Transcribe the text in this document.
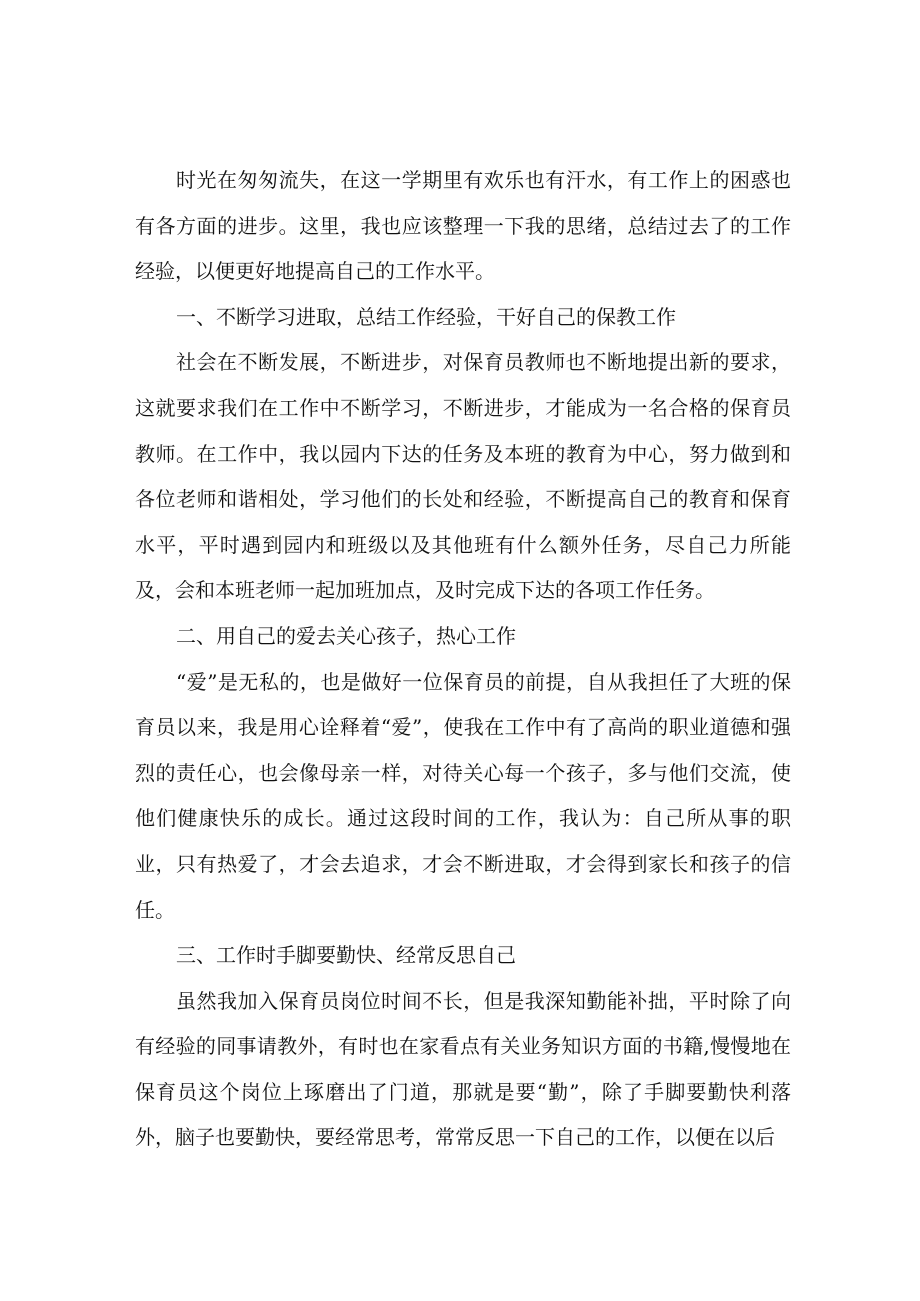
时光在匆匆流失，在这一学期里有欢乐也有汗水，有工作上的困惑也有各方面的进步。这里，我也应该整理一下我的思绪，总结过去了的工作经验，以便更好地提高自己的工作水平。

一、不断学习进取，总结工作经验，干好自己的保教工作

社会在不断发展，不断进步，对保育员教师也不断地提出新的要求，这就要求我们在工作中不断学习，不断进步，才能成为一名合格的保育员教师。在工作中，我以园内下达的任务及本班的教育为中心，努力做到和各位老师和谐相处，学习他们的长处和经验，不断提高自己的教育和保育水平，平时遇到园内和班级以及其他班有什么额外任务，尽自己力所能及，会和本班老师一起加班加点，及时完成下达的各项工作任务。

二、用自己的爱去关心孩子，热心工作

“爱”是无私的，也是做好一位保育员的前提，自从我担任了大班的保育员以来，我是用心诠释着“爱”，使我在工作中有了高尚的职业道德和强烈的责任心，也会像母亲一样，对待关心每一个孩子，多与他们交流，使他们健康快乐的成长。通过这段时间的工作，我认为：自己所从事的职业，只有热爱了，才会去追求，才会不断进取，才会得到家长和孩子的信任。

三、工作时手脚要勤快、经常反思自己

虽然我加入保育员岗位时间不长，但是我深知勤能补拙，平时除了向有经验的同事请教外，有时也在家看点有关业务知识方面的书籍,慢慢地在保育员这个岗位上琢磨出了门道，那就是要“勤”，除了手脚要勤快利落外，脑子也要勤快，要经常思考，常常反思一下自己的工作，以便在以后
